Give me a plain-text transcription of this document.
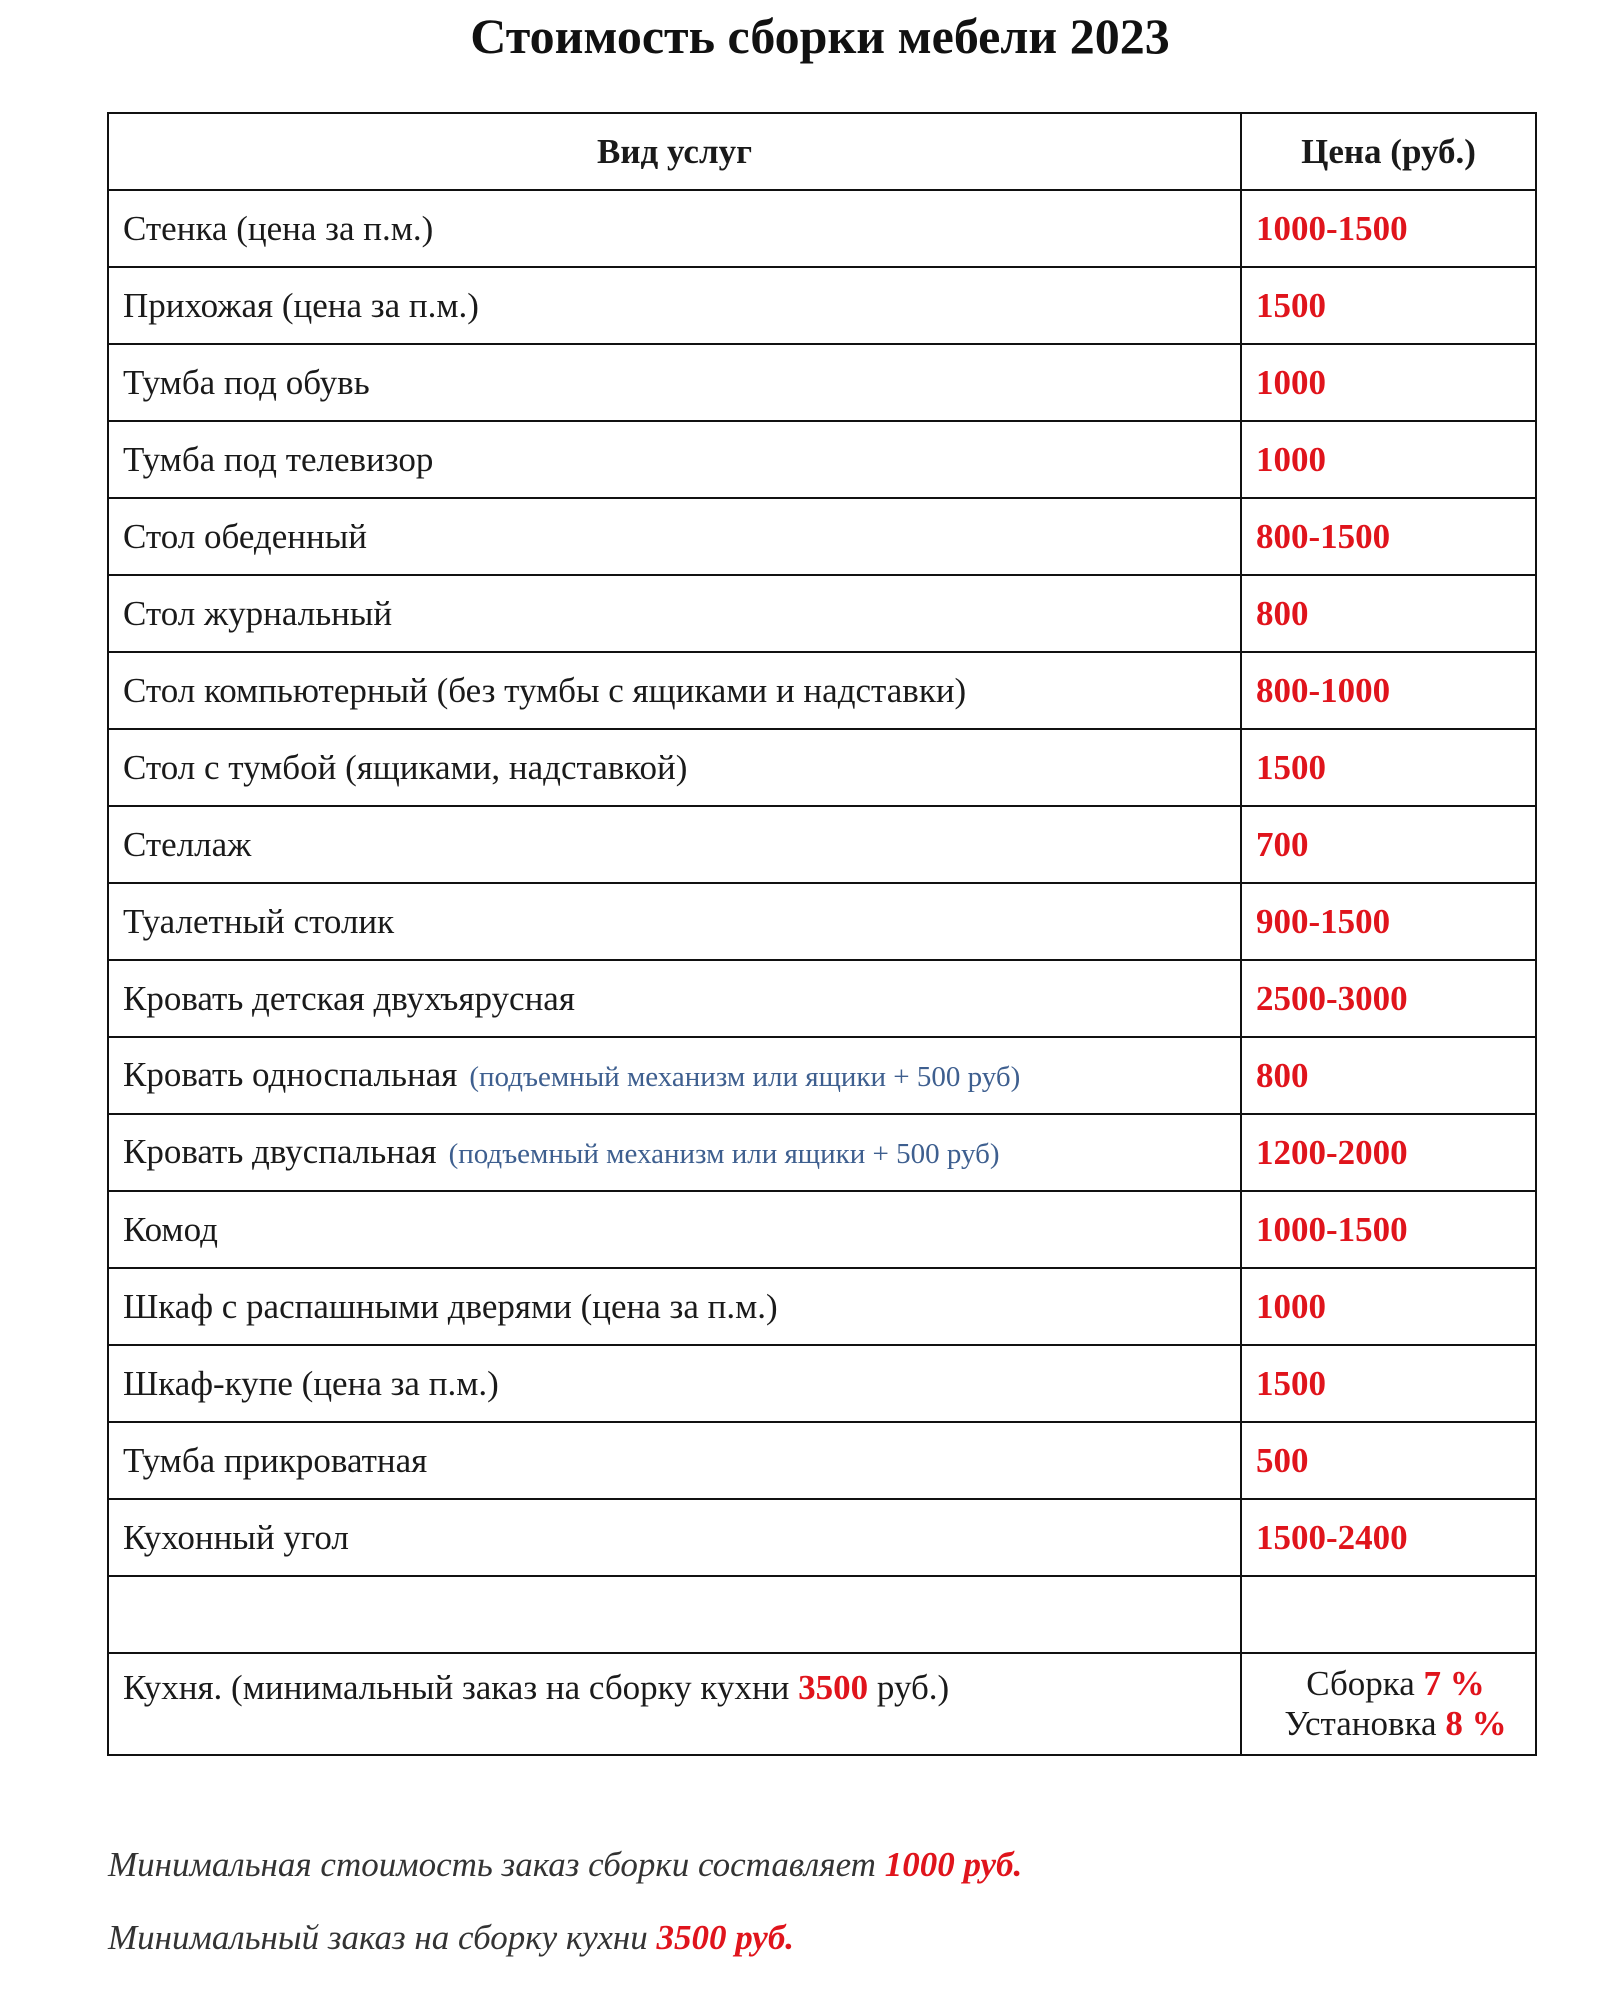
Стоимость сборки мебели 2023
Вид услуг	Цена (руб.)
Стенка (цена за п.м.)	1000-1500
Прихожая (цена за п.м.)	1500
Тумба под обувь	1000
Тумба под телевизор	1000
Стол обеденный	800-1500
Стол журнальный	800
Стол компьютерный (без тумбы с ящиками и надставки)	800-1000
Стол с тумбой (ящиками, надставкой)	1500
Стеллаж	700
Туалетный столик	900-1500
Кровать детская двухъярусная	2500-3000
Кровать односпальная (подъемный механизм или ящики + 500 руб)	800
Кровать двуспальная (подъемный механизм или ящики + 500 руб)	1200-2000
Комод	1000-1500
Шкаф с распашными дверями (цена за п.м.)	1000
Шкаф-купе (цена за п.м.)	1500
Тумба прикроватная	500
Кухонный угол	1500-2400

Кухня. (минимальный заказ на сборку кухни 3500 руб.)	Сборка 7 %
Установка 8 %
Минимальная стоимость заказ сборки составляет 1000 руб.
Минимальный заказ на сборку кухни 3500 руб.
